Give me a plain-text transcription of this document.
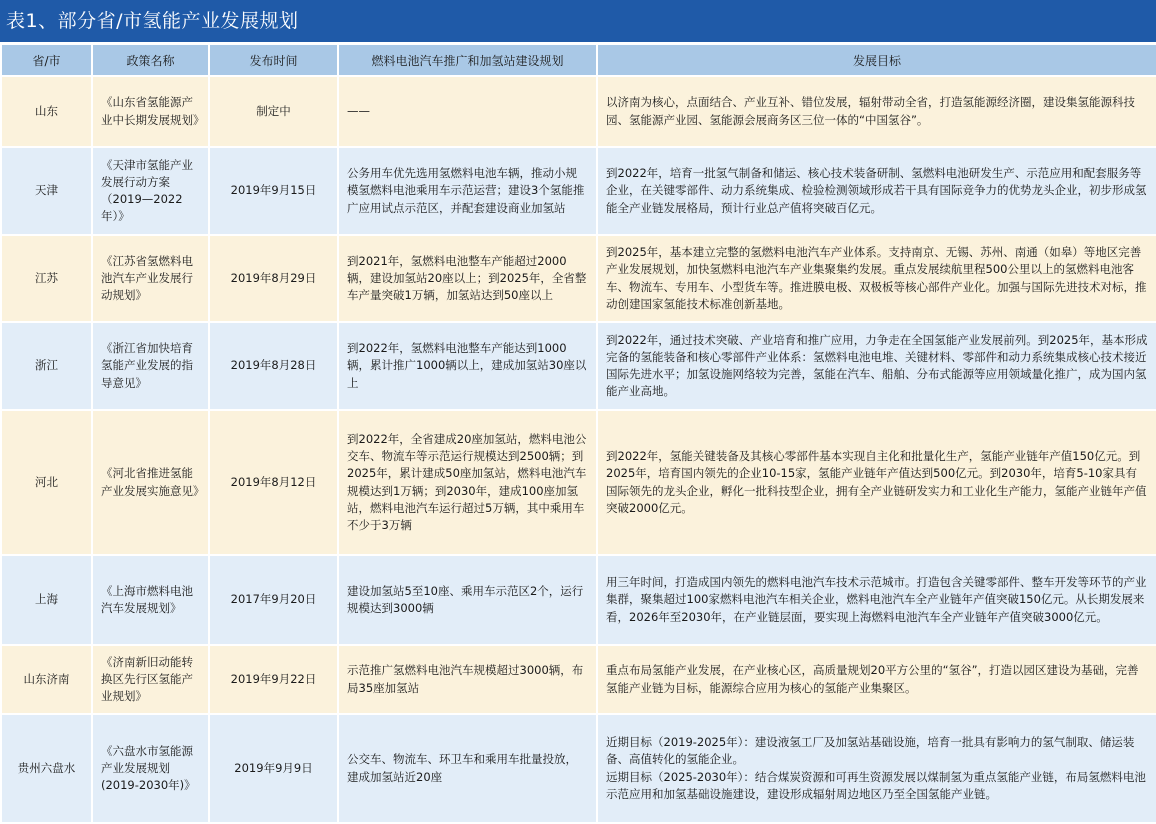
表1、部分省/市氢能产业发展规划
省/市	政策名称	发布时间	燃料电池汽车推广和加氢站建设规划	发展目标
山东	《山东省氢能源产业中长期发展规划》	制定中	——	以济南为核心，点面结合、产业互补、错位发展，辐射带动全省，打造氢能源经济圈，建设集氢能源科技园、氢能源产业园、氢能源会展商务区三位一体的“中国氢谷”。

天津	《天津市氢能产业发展行动方案（2019—2022年）》	2019年9月15日	公务用车优先选用氢燃料电池车辆，推动小规模氢燃料电池乘用车示范运营；建设3个氢能推广应用试点示范区，并配套建设商业加氢站	到2022年，培育一批氢气制备和储运、核心技术装备研制、氢燃料电池研发生产、示范应用和配套服务等企业，在关键零部件、动力系统集成、检验检测领域形成若干具有国际竞争力的优势龙头企业，初步形成氢能全产业链发展格局，预计行业总产值将突破百亿元。

江苏	《江苏省氢燃料电池汽车产业发展行动规划》	2019年8月29日	到2021年，氢燃料电池整车产能超过2000辆，建设加氢站20座以上；到2025年，全省整车产量突破1万辆，加氢站达到50座以上	到2025年，基本建立完整的氢燃料电池汽车产业体系。支持南京、无锡、苏州、南通（如皋）等地区完善产业发展规划，加快氢燃料电池汽车产业集聚集约发展。重点发展续航里程500公里以上的氢燃料电池客车、物流车、专用车、小型货车等。推进膜电极、双极板等核心部件产业化。加强与国际先进技术对标，推动创建国家氢能技术标准创新基地。

浙江	《浙江省加快培育氢能产业发展的指导意见》	2019年8月28日	到2022年，氢燃料电池整车产能达到1000辆，累计推广1000辆以上，建成加氢站30座以上	到2022年，通过技术突破、产业培育和推广应用，力争走在全国氢能产业发展前列。到2025年，基本形成完备的氢能装备和核心零部件产业体系：氢燃料电池电堆、关键材料、零部件和动力系统集成核心技术接近国际先进水平；加氢设施网络较为完善，氢能在汽车、船舶、分布式能源等应用领域量化推广，成为国内氢能产业高地。

河北	《河北省推进氢能产业发展实施意见》	2019年8月12日	到2022年，全省建成20座加氢站，燃料电池公交车、物流车等示范运行规模达到2500辆；到2025年，累计建成50座加氢站，燃料电池汽车规模达到1万辆；到2030年，建成100座加氢站，燃料电池汽车运行超过5万辆，其中乘用车不少于3万辆	到2022年，氢能关键装备及其核心零部件基本实现自主化和批量化生产，氢能产业链年产值150亿元。到2025年，培育国内领先的企业10-15家，氢能产业链年产值达到500亿元。到2030年，培育5-10家具有国际领先的龙头企业，孵化一批科技型企业，拥有全产业链研发实力和工业化生产能力，氢能产业链年产值突破2000亿元。

上海	《上海市燃料电池汽车发展规划》	2017年9月20日	建设加氢站5至10座、乘用车示范区2个，运行规模达到3000辆	用三年时间，打造成国内领先的燃料电池汽车技术示范城市。打造包含关键零部件、整车开发等环节的产业集群，聚集超过100家燃料电池汽车相关企业，燃料电池汽车全产业链年产值突破150亿元。从长期发展来看，2026年至2030年，在产业链层面，要实现上海燃料电池汽车全产业链年产值突破3000亿元。

山东济南	《济南新旧动能转换区先行区氢能产业规划》	2019年9月22日	示范推广氢燃料电池汽车规模超过3000辆，布局35座加氢站	重点布局氢能产业发展，在产业核心区，高质量规划20平方公里的“氢谷”，打造以园区建设为基础，完善氢能产业链为目标，能源综合应用为核心的氢能产业集聚区。

贵州六盘水	《六盘水市氢能源产业发展规划(2019-2030年)》	2019年9月9日	公交车、物流车、环卫车和乘用车批量投放，建成加氢站近20座	近期目标（2019-2025年）：建设液氢工厂及加氢站基础设施，培育一批具有影响力的氢气制取、储运装备、高值转化的氢能企业。
远期目标（2025-2030年）：结合煤炭资源和可再生资源发展以煤制氢为重点氢能产业链，布局氢燃料电池示范应用和加氢基础设施建设，建设形成辐射周边地区乃至全国氢能产业链。
